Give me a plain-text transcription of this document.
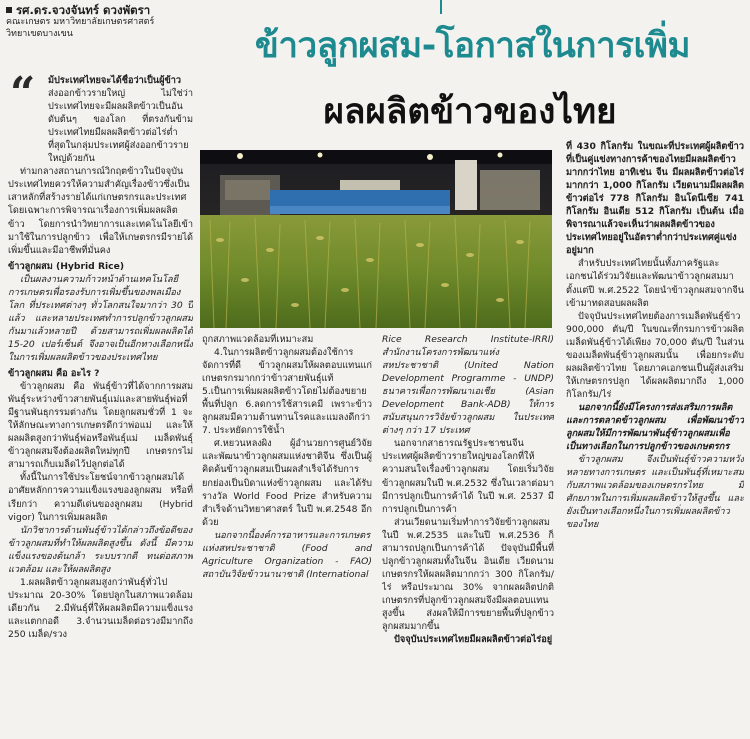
รศ.ดร.จวงจันทร์ ดวงพัตรา
คณะเกษตร มหาวิทยาลัยเกษตรศาสตร์
วิทยาเขตบางเขน	ข้าวลูกผสม-โอกาสในการเพิ่ม
ผลผลิตข้าวของไทย
“	ม้ประเทศไทยจะได้ชื่อว่าเป็นผู้ข้าว

ส่งออกข้าวรายใหญ่ ไม่ใช่ว่าประเทศไทยจะมีผลผลิตข้าวเป็นอันดับต้นๆ ของโลก ที่ตรงกันข้ามประเทศไทยมีผลผลิตข้าวต่อไร่ต่ำที่สุดในกลุ่มประเทศผู้ส่งออกข้าวรายใหญ่ด้วยกัน

ท่ามกลางสถานการณ์วิกฤตข้าวในปัจจุบัน ประเทศไทยควรให้ความสำคัญเรื่องข้าวซึ่งเป็นเสาหลักที่สร้างรายได้แก่เกษตรกรและประเทศ โดยเฉพาะการพิจารณาเรื่องการเพิ่มผลผลิตข้าว โดยการนำวิทยาการและเทคโนโลยีเข้ามาใช้ในการปลูกข้าว เพื่อให้เกษตรกรมีรายได้เพิ่มขึ้นและมีอาชีพที่มั่นคง

ข้าวลูกผสม (Hybrid Rice)

เป็นผลงานความก้าวหน้าด้านเทคโนโลยีการเกษตรเพื่อรองรับการเพิ่มขึ้นของพลเมืองโลก ที่ประเทศต่างๆ ทั่วโลกสนใจมากว่า 30 ปีแล้ว และหลายประเทศทำการปลูกข้าวลูกผสมกันมาแล้วหลายปี ด้วยสามารถเพิ่มผลผลิตได้ 15-20 เปอร์เซ็นต์ จึงอาจเป็นอีกทางเลือกหนึ่งในการเพิ่มผลผลิตข้าวของประเทศไทย

ข้าวลูกผสม คือ อะไร ?

ข้าวลูกผสม คือ พันธุ์ข้าวที่ได้จากการผสมพันธุ์ระหว่างข้าวสายพันธุ์แม่และสายพันธุ์พ่อที่มีฐานพันธุกรรมต่างกัน โดยลูกผสมชั่วที่ 1 จะให้ลักษณะทางการเกษตรดีกว่าพ่อแม่ และให้ผลผลิตสูงกว่าพันธุ์พ่อหรือพันธุ์แม่ เมล็ดพันธุ์ข้าวลูกผสมจึงต้องผลิตใหม่ทุกปี เกษตรกรไม่สามารถเก็บเมล็ดไว้ปลูกต่อได้

ทั้งนี้ในการใช้ประโยชน์จากข้าวลูกผสมได้อาศัยหลักการความแข็งแรงของลูกผสม หรือที่เรียกว่า ความดีเด่นของลูกผสม (Hybrid vigor) ในการเพิ่มผลผลิต

นักวิชาการด้านพันธุ์ข้าวได้กล่าวถึงข้อดีของข้าวลูกผสมที่ทำให้ผลผลิตสูงขึ้น ดังนี้ มีความแข็งแรงของต้นกล้า ระบบรากดี ทนต่อสภาพแวดล้อม และให้ผลผลิตสูง

1.ผลผลิตข้าวลูกผสมสูงกว่าพันธุ์ทั่วไปประมาณ 20-30% โดยปลูกในสภาพแวดล้อมเดียวกัน 2.มีพันธุ์ที่ให้ผลผลิตมีความแข็งแรงและแตกกอดี 3.จำนวนเมล็ดต่อรวงมีมากถึง 250 เมล็ด/รวง

ถูกสภาพแวดล้อมที่เหมาะสม

4.ในการผลิตข้าวลูกผสมต้องใช้การจัดการที่ดี ข้าวลูกผสมให้ผลตอบแทนแก่เกษตรกรมากกว่าข้าวสายพันธุ์แท้ 5.เป็นการเพิ่มผลผลิตข้าวโดยไม่ต้องขยายพื้นที่ปลูก 6.ลดการใช้สารเคมี เพราะข้าวลูกผสมมีความต้านทานโรคและแมลงดีกว่า 7. ประหยัดการใช้น้ำ

ศ.หยวนหลงผิง ผู้อำนวยการศูนย์วิจัยและพัฒนาข้าวลูกผสมแห่งชาติจีน ซึ่งเป็นผู้คิดค้นข้าวลูกผสมเป็นผลสำเร็จได้รับการยกย่องเป็นบิดาแห่งข้าวลูกผสม และได้รับรางวัล World Food Prize สำหรับความสำเร็จด้านวิทยาศาสตร์ ในปี พ.ศ.2548 อีกด้วย

นอกจากนี้องค์การอาหารและการเกษตรแห่งสหประชาชาติ (Food and Agriculture Organization - FAO) สถาบันวิจัยข้าวนานาชาติ (International

Rice Research Institute-IRRI) สำนักงานโครงการพัฒนาแห่งสหประชาชาติ (United Nation Development Programme - UNDP) ธนาคารเพื่อการพัฒนาเอเชีย (Asian Development Bank-ADB) ให้การสนับสนุนการวิจัยข้าวลูกผสม ในประเทศต่างๆ กว่า 17 ประเทศ

นอกจากสาธารณรัฐประชาชนจีน ประเทศผู้ผลิตข้าวรายใหญ่ของโลกที่ให้ความสนใจเรื่องข้าวลูกผสม โดยเริ่มวิจัยข้าวลูกผสมในปี พ.ศ.2532 ซึ่งในเวลาต่อมามีการปลูกเป็นการค้าได้ ในปี พ.ศ. 2537 มีการปลูกเป็นการค้า

ส่วนเวียดนามเริ่มทำการวิจัยข้าวลูกผสมในปี พ.ศ.2535 และในปี พ.ศ.2536 ก็สามารถปลูกเป็นการค้าได้ ปัจจุบันมีพื้นที่ปลูกข้าวลูกผสมทั้งในจีน อินเดีย เวียดนาม เกษตรกรให้ผลผลิตมากกว่า 300 กิโลกรัม/ไร่ หรือประมาณ 30% จากผลผลิตปกติ เกษตรกรที่ปลูกข้าวลูกผสมจึงมีผลตอบแทนสูงขึ้น ส่งผลให้มีการขยายพื้นที่ปลูกข้าวลูกผสมมากขึ้น

ปัจจุบันประเทศไทยมีผลผลิตข้าวต่อไร่อยู่

ที่ 430 กิโลกรัม ในขณะที่ประเทศผู้ผลิตข้าวที่เป็นคู่แข่งทางการค้าของไทยมีผลผลิตข้าวมากกว่าไทย อาทิเช่น จีน มีผลผลิตข้าวต่อไร่ มากกว่า 1,000 กิโลกรัม เวียดนามมีผลผลิตข้าวต่อไร่ 778 กิโลกรัม อินโดนีเซีย 741 กิโลกรัม อินเดีย 512 กิโลกรัม เป็นต้น เมื่อพิจารณาแล้วจะเห็นว่าผลผลิตข้าวของประเทศไทยอยู่ในอัตราต่ำกว่าประเทศคู่แข่งอยู่มาก

สำหรับประเทศไทยนั้นทั้งภาครัฐและเอกชนได้ร่วมวิจัยและพัฒนาข้าวลูกผสมมาตั้งแต่ปี พ.ศ.2522 โดยนำข้าวลูกผสมจากจีนเข้ามาทดสอบผลผลิต

ปัจจุบันประเทศไทยต้องการเมล็ดพันธุ์ข้าว 900,000 ตัน/ปี ในขณะที่กรมการข้าวผลิตเมล็ดพันธุ์ข้าวได้เพียง 70,000 ตัน/ปี ในส่วนของเมล็ดพันธุ์ข้าวลูกผสมนั้น เพื่อยกระดับผลผลิตข้าวไทย โดยภาคเอกชนเป็นผู้ส่งเสริมให้เกษตรกรปลูก ได้ผลผลิตมากถึง 1,000 กิโลกรัม/ไร่

นอกจากนี้ยังมีโครงการส่งเสริมการผลิตและการตลาดข้าวลูกผสม เพื่อพัฒนาข้าวลูกผสมให้มีการพัฒนาพันธุ์ข้าวลูกผสมเพื่อเป็นทางเลือกในการปลูกข้าวของเกษตรกร

ข้าวลูกผสม จึงเป็นพันธุ์ข้าวความหวังหลายทางการเกษตร และเป็นพันธุ์ที่เหมาะสมกับสภาพแวดล้อมของเกษตรกรไทย มีศักยภาพในการเพิ่มผลผลิตข้าวให้สูงขึ้น และยังเป็นทางเลือกหนึ่งในการเพิ่มผลผลิตข้าวของไทย
